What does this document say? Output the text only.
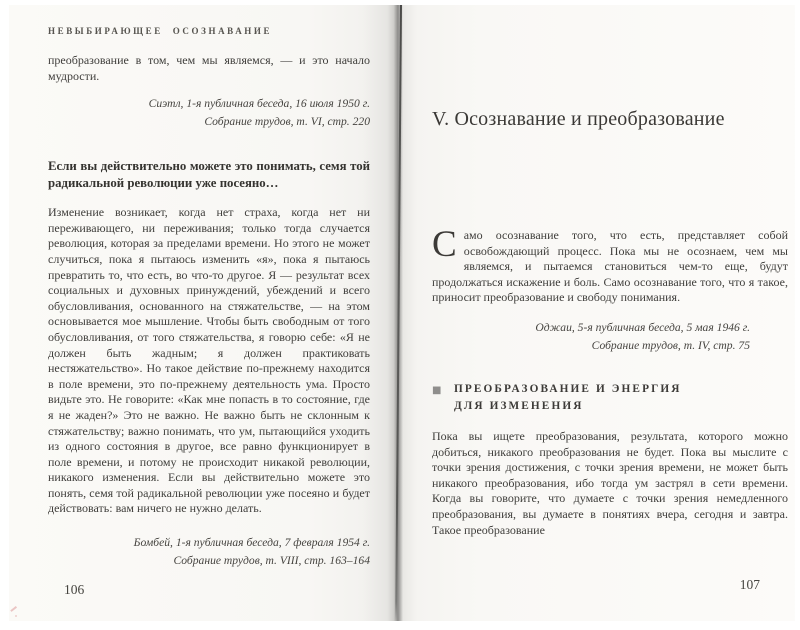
НЕВЫБИРАЮЩЕЕ ОСОЗНАВАНИЕ
преобразование в том, чем мы являемся, — и это начало мудрости.
Сиэтл, 1-я публичная беседа, 16 июля 1950 г.
Собрание трудов, т. VI, стр. 220
Если вы действительно можете это понимать, семя той радикальной революции уже посеяно…
Изменение возникает, когда нет страха, когда нет ни переживающего, ни переживания; только тогда случается революция, которая за пределами времени. Но этого не может случиться, пока я пытаюсь изменить «я», пока я пытаюсь превратить то, что есть, во что-то другое. Я — результат всех социальных и духовных принуждений, убеждений и всего обусловливания, основанного на стяжательстве, — на этом основывается мое мышление. Чтобы быть свободным от того обусловливания, от того стяжательства, я говорю себе: «Я не должен быть жадным; я должен практиковать нестяжательство». Но такое действие по-прежнему находится в поле времени, это по-прежнему деятельность ума. Просто видьте это. Не говорите: «Как мне попасть в то состояние, где я не жаден?» Это не важно. Не важно быть не склонным к стяжательству; важно понимать, что ум, пытающийся уходить из одного состояния в другое, все равно функционирует в поле времени, и потому не происходит никакой революции, никакого изменения. Если вы действительно можете это понять, семя той радикальной революции уже посеяно и будет действовать: вам ничего не нужно делать.
Бомбей, 1-я публичная беседа, 7 февраля 1954 г.
Собрание трудов, т. VIII, стр. 163–164
106
V. Осознавание и преобразование
Само осознавание того, что есть, представляет собой освобождающий процесс. Пока мы не осознаем, чем мы являемся, и пытаемся становиться чем-то еще, будут продолжаться искажение и боль. Само осознавание того, что я такое, приносит преобразование и свободу понимания.
Оджаи, 5-я публичная беседа, 5 мая 1946 г.
Собрание трудов, т. IV, стр. 75
■ ПРЕОБРАЗОВАНИЕ И ЭНЕРГИЯ
ДЛЯ ИЗМЕНЕНИЯ
Пока вы ищете преобразования, результата, которого можно добиться, никакого преобразования не будет. Пока вы мыслите с точки зрения достижения, с точки зрения времени, не может быть никакого преобразования, ибо тогда ум застрял в сети времени. Когда вы говорите, что думаете с точки зрения немедленного преобразования, вы думаете в понятиях вчера, сегодня и завтра. Такое преобразование
107
